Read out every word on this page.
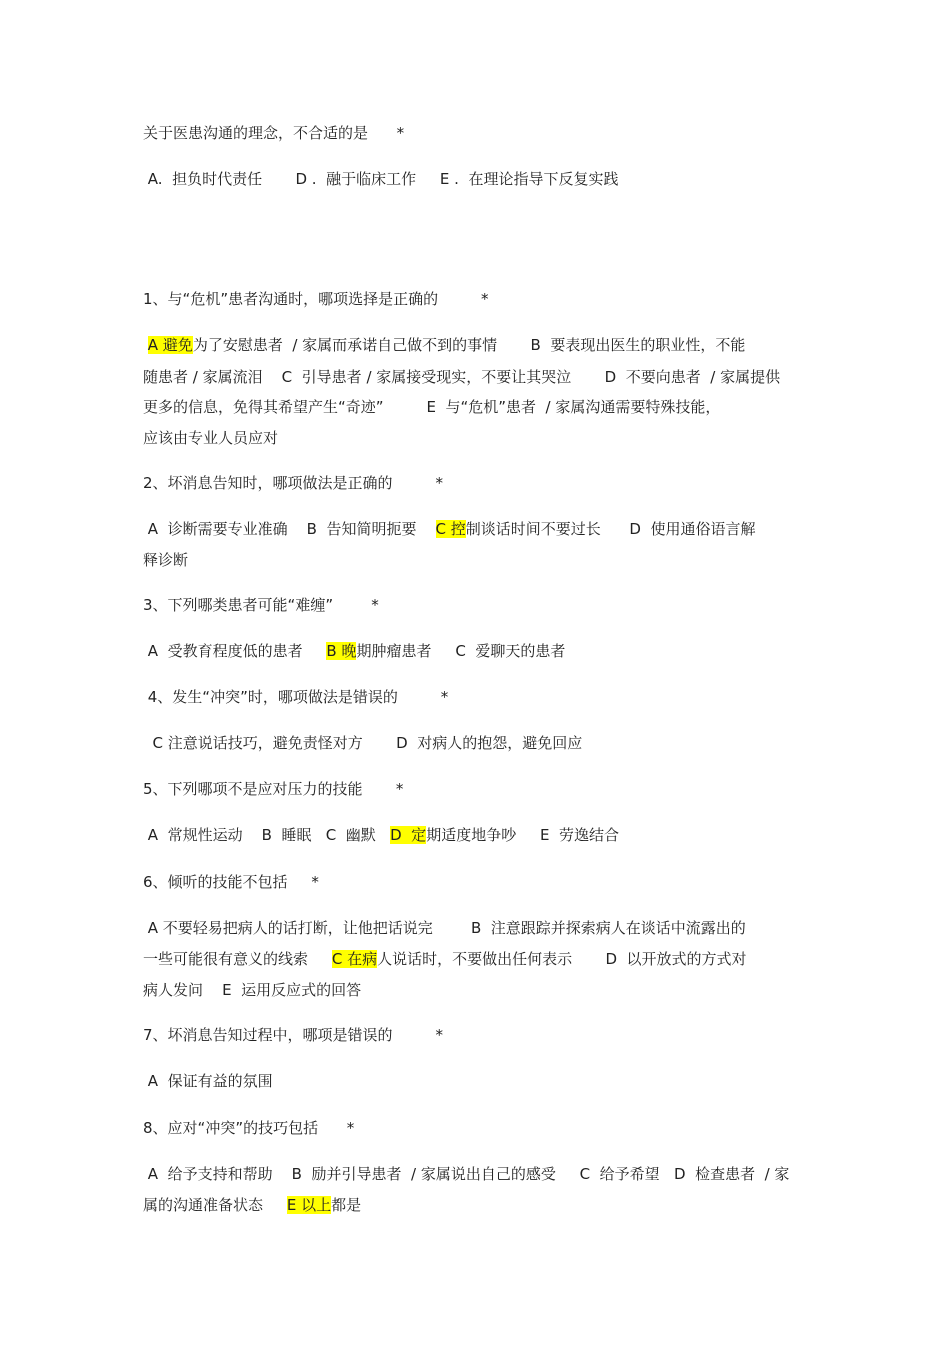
关于医患沟通的理念，不合适的是      *
A.  担负时代责任       D .  融于临床工作     E .  在理论指导下反复实践
1、与“危机”患者沟通时，哪项选择是正确的         *
A 避免为了安慰患者  / 家属而承诺自己做不到的事情       B  要表现出医生的职业性，不能
随患者 / 家属流泪    C  引导患者 / 家属接受现实，不要让其哭泣       D  不要向患者  / 家属提供
更多的信息，免得其希望产生“奇迹”         E  与“危机”患者  / 家属沟通需要特殊技能，
应该由专业人员应对
2、坏消息告知时，哪项做法是正确的         *
A  诊断需要专业准确    B  告知简明扼要    C 控制谈话时间不要过长      D  使用通俗语言解
释诊断
3、下列哪类患者可能“难缠”        *
A  受教育程度低的患者     B 晚期肿瘤患者     C  爱聊天的患者
4、发生“冲突”时，哪项做法是错误的         *
C 注意说话技巧，避免责怪对方       D  对病人的抱怨，避免回应
5、下列哪项不是应对压力的技能       *
A  常规性运动    B  睡眠   C  幽默   D  定期适度地争吵     E  劳逸结合
6、倾听的技能不包括     *
A 不要轻易把病人的话打断，让他把话说完        B  注意跟踪并探索病人在谈话中流露出的
一些可能很有意义的线索     C 在病人说话时，不要做出任何表示       D  以开放式的方式对
病人发问    E  运用反应式的回答
7、坏消息告知过程中，哪项是错误的         *
A  保证有益的氛围
8、应对“冲突”的技巧包括      *
A  给予支持和帮助    B  励并引导患者  / 家属说出自己的感受     C  给予希望   D  检查患者  / 家
属的沟通准备状态     E 以上都是
